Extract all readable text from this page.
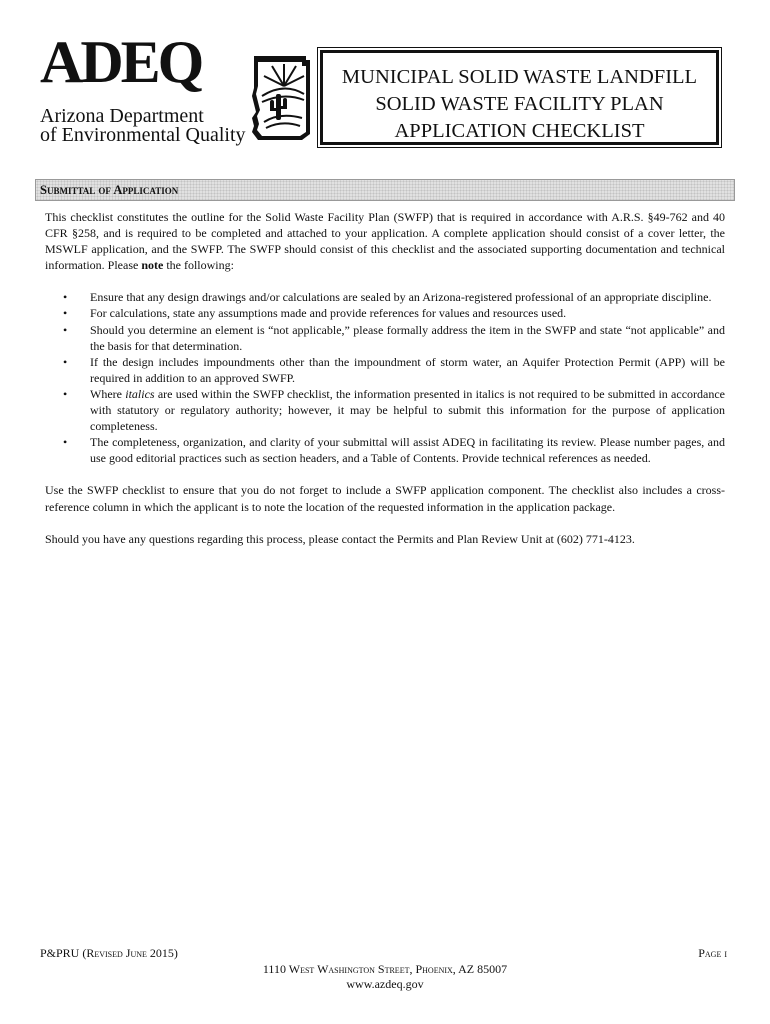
ADEQ
Arizona Department
of Environmental Quality
MUNICIPAL SOLID WASTE LANDFILL
SOLID WASTE FACILITY PLAN
APPLICATION CHECKLIST
Submittal of Application

This checklist constitutes the outline for the Solid Waste Facility Plan (SWFP) that is required in accordance with A.R.S. §49-762 and 40 CFR §258, and is required to be completed and attached to your application. A complete application should consist of a cover letter, the MSWLF application, and the SWFP. The SWFP should consist of this checklist and the associated supporting documentation and technical information. Please note the following:

• Ensure that any design drawings and/or calculations are sealed by an Arizona-registered professional of an appropriate discipline.
• For calculations, state any assumptions made and provide references for values and resources used.
• Should you determine an element is “not applicable,” please formally address the item in the SWFP and state “not applicable” and the basis for that determination.
• If the design includes impoundments other than the impoundment of storm water, an Aquifer Protection Permit (APP) will be required in addition to an approved SWFP.
• Where italics are used within the SWFP checklist, the information presented in italics is not required to be submitted in accordance with statutory or regulatory authority; however, it may be helpful to submit this information for the purpose of application completeness.
• The completeness, organization, and clarity of your submittal will assist ADEQ in facilitating its review. Please number pages, and use good editorial practices such as section headers, and a Table of Contents. Provide technical references as needed.

Use the SWFP checklist to ensure that you do not forget to include a SWFP application component. The checklist also includes a cross-reference column in which the applicant is to note the location of the requested information in the application package.

Should you have any questions regarding this process, please contact the Permits and Plan Review Unit at (602) 771-4123.

P&PRU (Revised June 2015)	Page i
1110 West Washington Street, Phoenix, AZ 85007
www.azdeq.gov
